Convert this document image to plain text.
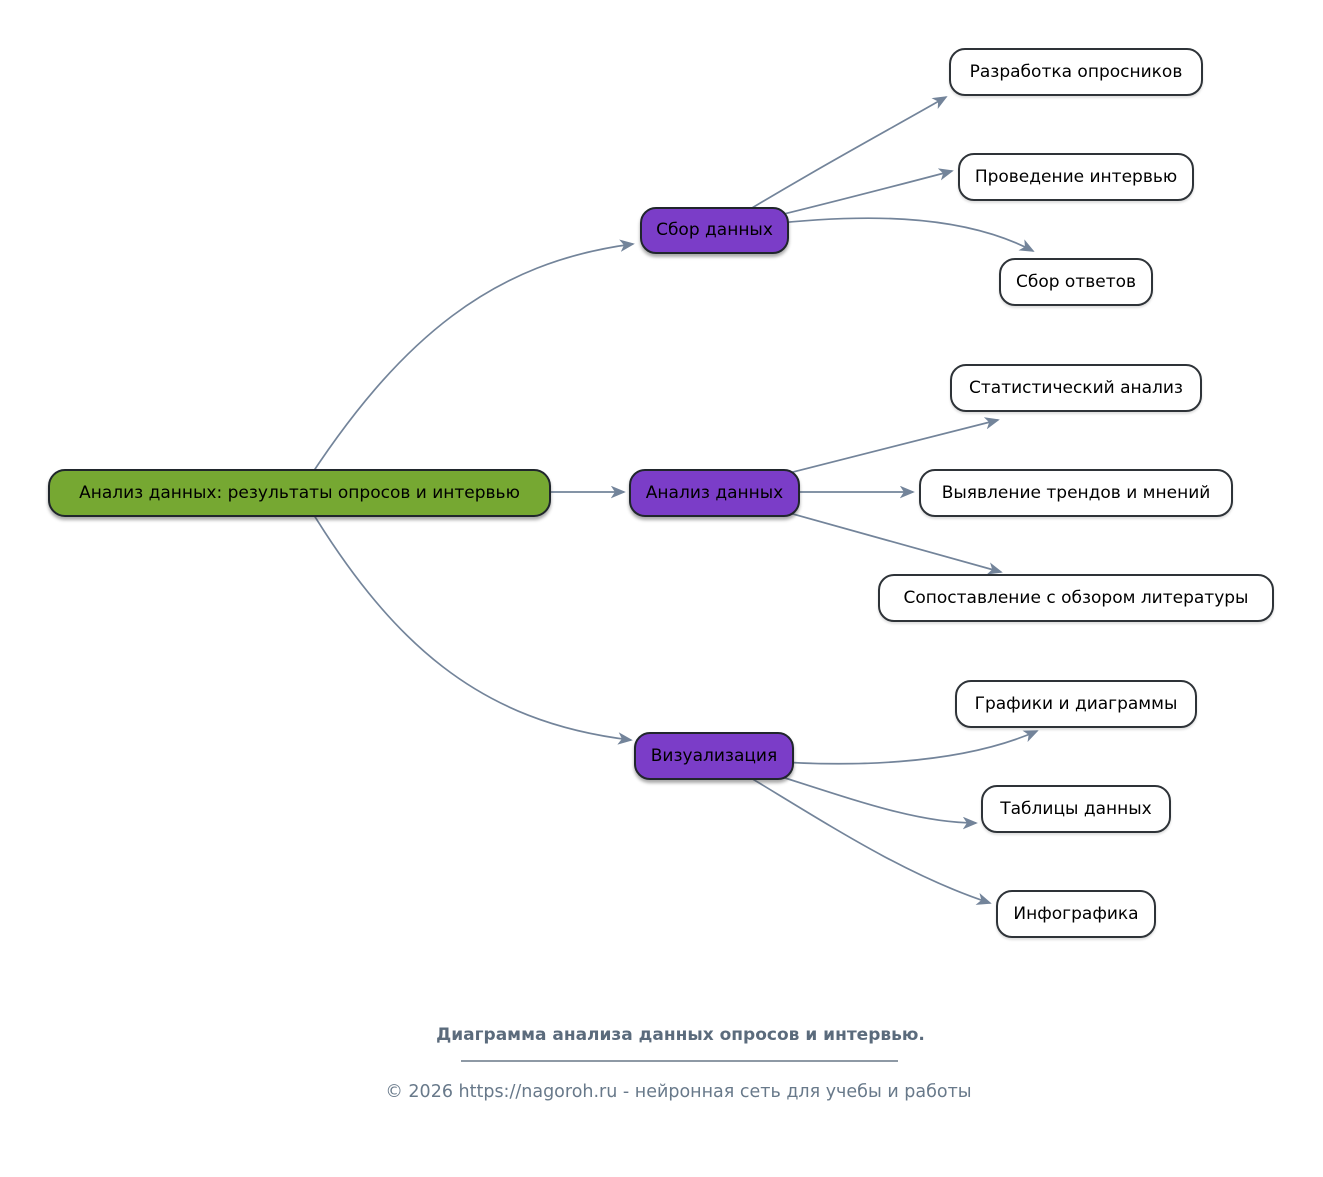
Анализ данных: результаты опросов и интервью
Сбор данных
Анализ данных
Визуализация
Разработка опросников
Проведение интервью
Сбор ответов
Статистический анализ
Выявление трендов и мнений
Сопоставление с обзором литературы
Графики и диаграммы
Таблицы данных
Инфографика
Диаграмма анализа данных опросов и интервью.
© 2026 https://nagoroh.ru - нейронная сеть для учебы и работы
